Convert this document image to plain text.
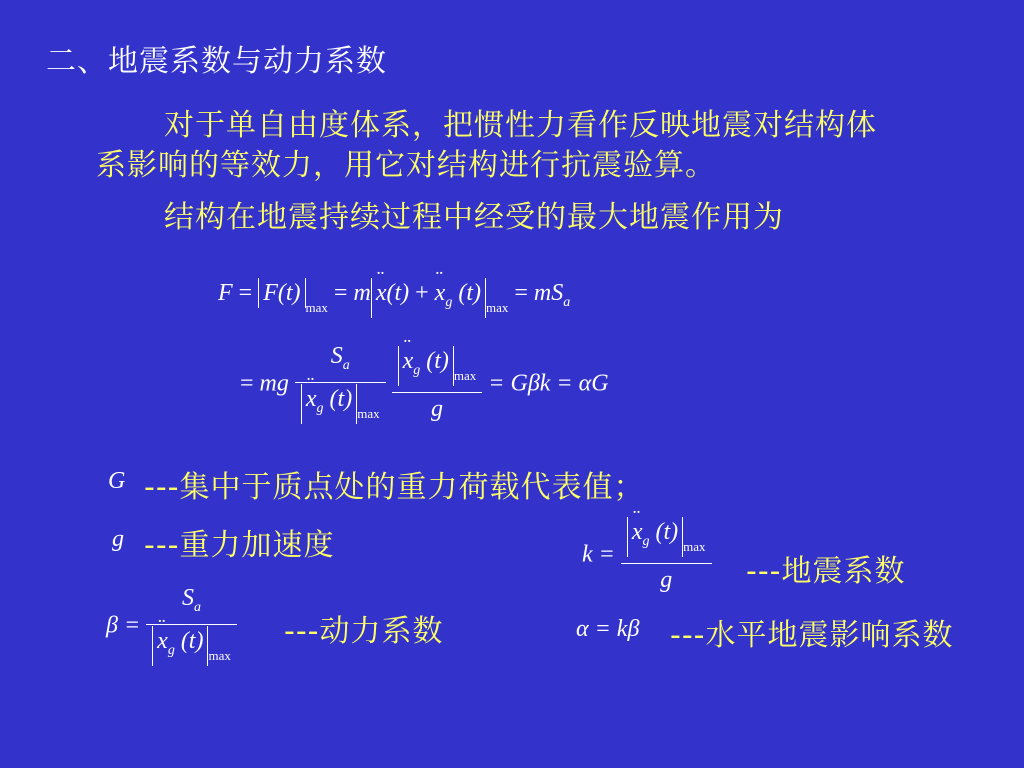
二、地震系数与动力系数
对于单自由度体系，把惯性力看作反映地震对结构体
系影响的等效力，用它对结构进行抗震验算。
结构在地震持续过程中经受的最大地震作用为
$F = F(t)_{max}$ = m¨ x(t) + ¨ $x_g$ $(t)_{max} = mS_a$
= mg $S_a$
¨ $x_g$ $(t)_{max}$

¨ $\frac{x_g (t)_{max}}{g} = G\beta k = \alpha G$
G ---集中于质点处的重力荷载代表值；
g ---重力加速度
$\beta = S_a$
¨ $x_g$ $(t)_{max}$ ---动力系数
k =
¨ $\frac{x_g (t)_{max}}{g}$ ---地震系数
α = kβ ---水平地震影响系数
